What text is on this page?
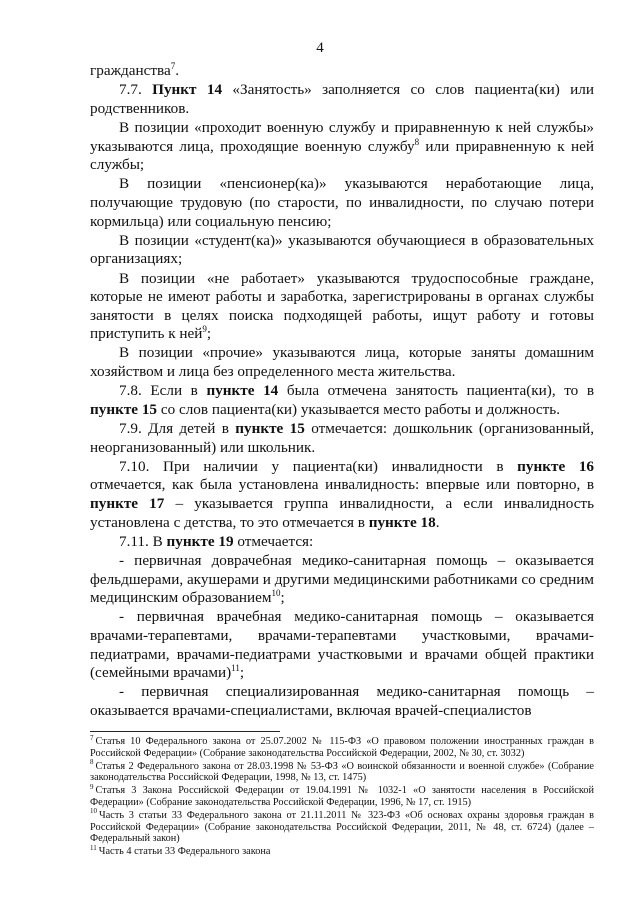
4

гражданства$^7$.

7.7. Пункт 14 «Занятость» заполняется со слов пациента(ки) или родственников.

В позиции «проходит военную службу и приравненную к ней службы» указываются лица, проходящие военную службу$^8$ или приравненную к ней службы;

В позиции «пенсионер(ка)» указываются неработающие лица, получающие трудовую (по старости, по инвалидности, по случаю потери кормильца) или социальную пенсию;

В позиции «студент(ка)» указываются обучающиеся в образовательных организациях;

В позиции «не работает» указываются трудоспособные граждане, которые не имеют работы и заработка, зарегистрированы в органах службы занятости в целях поиска подходящей работы, ищут работу и готовы приступить к ней$^9$;

В позиции «прочие» указываются лица, которые заняты домашним хозяйством и лица без определенного места жительства.

7.8. Если в пункте 14 была отмечена занятость пациента(ки), то в пункте 15 со слов пациента(ки) указывается место работы и должность.

7.9. Для детей в пункте 15 отмечается: дошкольник (организованный, неорганизованный) или школьник.

7.10. При наличии у пациента(ки) инвалидности в пункте 16 отмечается, как была установлена инвалидность: впервые или повторно, в пункте 17 – указывается группа инвалидности, а если инвалидность установлена с детства, то это отмечается в пункте 18.

7.11. В пункте 19 отмечается:

- первичная доврачебная медико-санитарная помощь – оказывается фельдшерами, акушерами и другими медицинскими работниками со средним медицинским образованием$^{10}$;

- первичная врачебная медико-санитарная помощь – оказывается врачами-терапевтами, врачами-терапевтами участковыми, врачами-педиатрами, врачами-педиатрами участковыми и врачами общей практики (семейными врачами)$^{11}$;

- первичная специализированная медико-санитарная помощь – оказывается врачами-специалистами, включая врачей-специалистов

$^7$ Статья 10 Федерального закона от 25.07.2002 № 115-ФЗ «О правовом положении иностранных граждан в Российской Федерации» (Собрание законодательства Российской Федерации, 2002, № 30, ст. 3032)
$^8$ Статья 2 Федерального закона от 28.03.1998 № 53-ФЗ «О воинской обязанности и военной службе» (Собрание законодательства Российской Федерации, 1998, № 13, ст. 1475)
$^9$ Статья 3 Закона Российской Федерации от 19.04.1991 № 1032-1 «О занятости населения в Российской Федерации» (Собрание законодательства Российской Федерации, 1996, № 17, ст. 1915)
$^{10}$ Часть 3 статьи 33 Федерального закона от 21.11.2011 № 323-ФЗ «Об основах охраны здоровья граждан в Российской Федерации» (Собрание законодательства Российской Федерации, 2011, № 48, ст. 6724) (далее – Федеральный закон)
$^{11}$ Часть 4 статьи 33 Федерального закона
